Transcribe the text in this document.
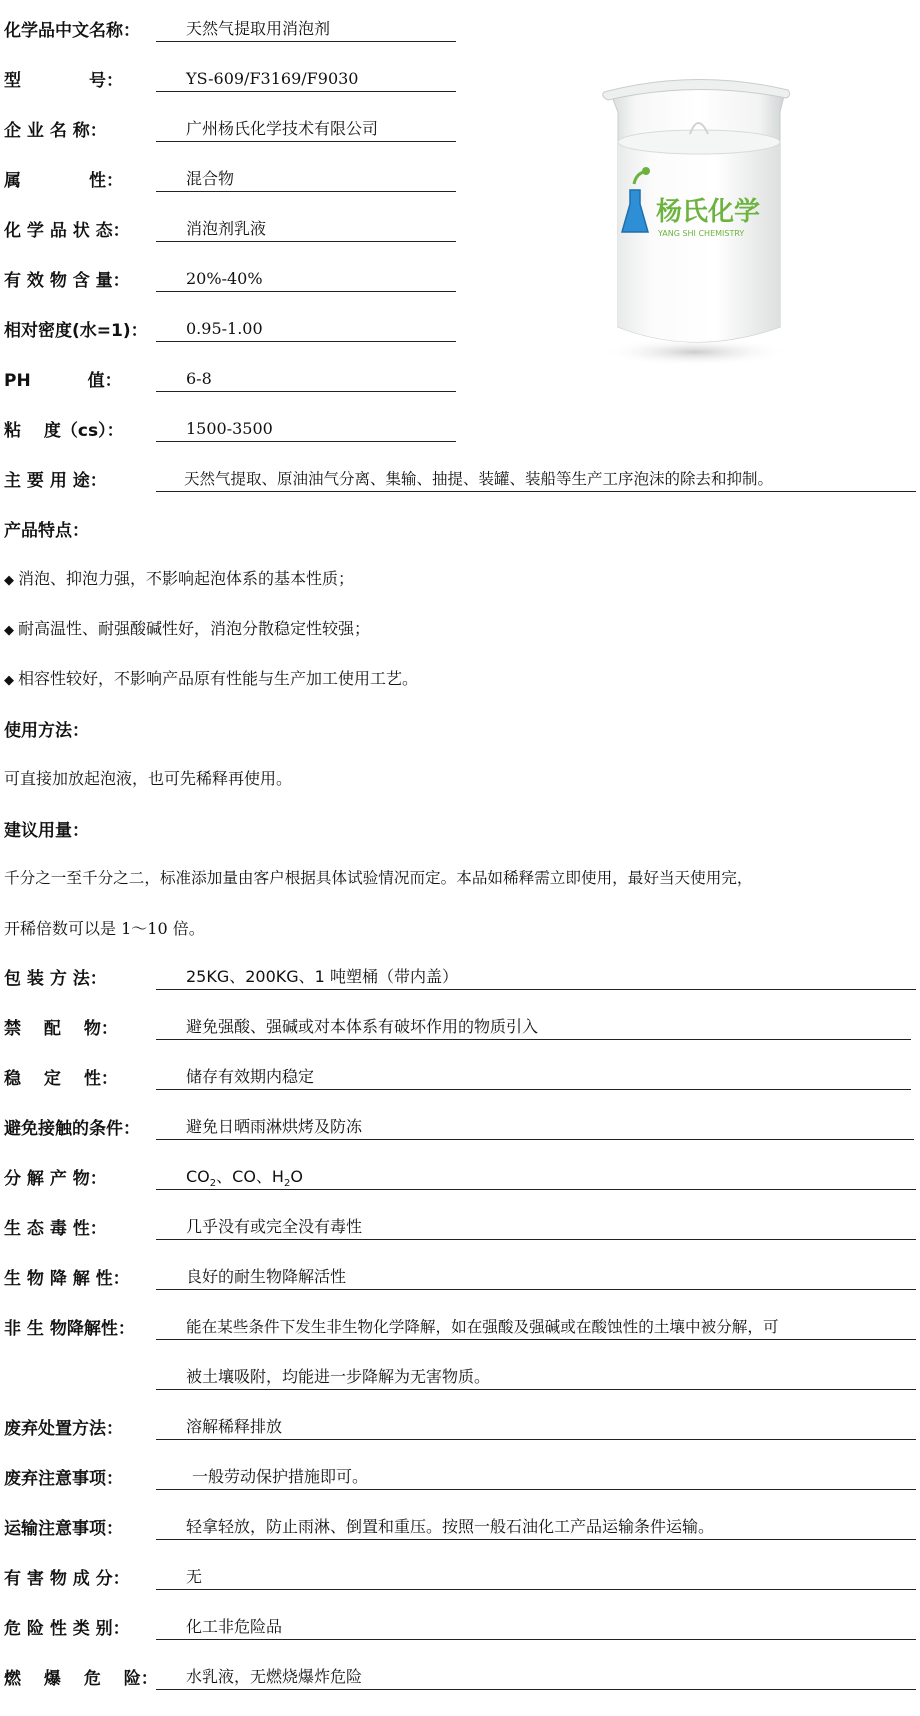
化学品中文名称：	天然气提取用消泡剂
型　　　　号：	YS-609/F3169/F9030
企 业 名 称：	广州杨氏化学技术有限公司
属　　　　性：	混合物
化 学 品 状 态：	消泡剂乳液
有 效 物 含 量：	20%-40%
相对密度(水=1)：	0.95-1.00
PH　　　 值：	6-8
粘　 度（cs）：	1500-3500
主 要 用 途：	天然气提取、原油油气分离、集输、抽提、装罐、装船等生产工序泡沫的除去和抑制。
杨氏化学
YANG SHI CHEMISTRY
产品特点：
◆ 消泡、抑泡力强，不影响起泡体系的基本性质；
◆ 耐高温性、耐强酸碱性好，消泡分散稳定性较强；
◆ 相容性较好，不影响产品原有性能与生产加工使用工艺。
使用方法：
可直接加放起泡液，也可先稀释再使用。
建议用量：
千分之一至千分之二，标准添加量由客户根据具体试验情况而定。本品如稀释需立即使用，最好当天使用完，
开稀倍数可以是 1～10 倍。
包 装 方 法：	25KG、200KG、1 吨塑桶（带内盖）
禁　 配　 物：	避免强酸、强碱或对本体系有破坏作用的物质引入
稳　 定　 性：	储存有效期内稳定
避免接触的条件：	避免日晒雨淋烘烤及防冻
分 解 产 物：	$CO_2$、CO、$H_2O$
生 态 毒 性：	几乎没有或完全没有毒性
生 物 降 解 性：	良好的耐生物降解活性
非 生 物降解性：	能在某些条件下发生非生物化学降解，如在强酸及强碱或在酸蚀性的土壤中被分解，可
被土壤吸附，均能进一步降解为无害物质。
废弃处置方法：	溶解稀释排放
废弃注意事项：	一般劳动保护措施即可。
运输注意事项：	轻拿轻放，防止雨淋、倒置和重压。按照一般石油化工产品运输条件运输。
有 害 物 成 分：	无
危 险 性 类 别：	化工非危险品
燃 　爆 　危 　险：	水乳液，无燃烧爆炸危险
